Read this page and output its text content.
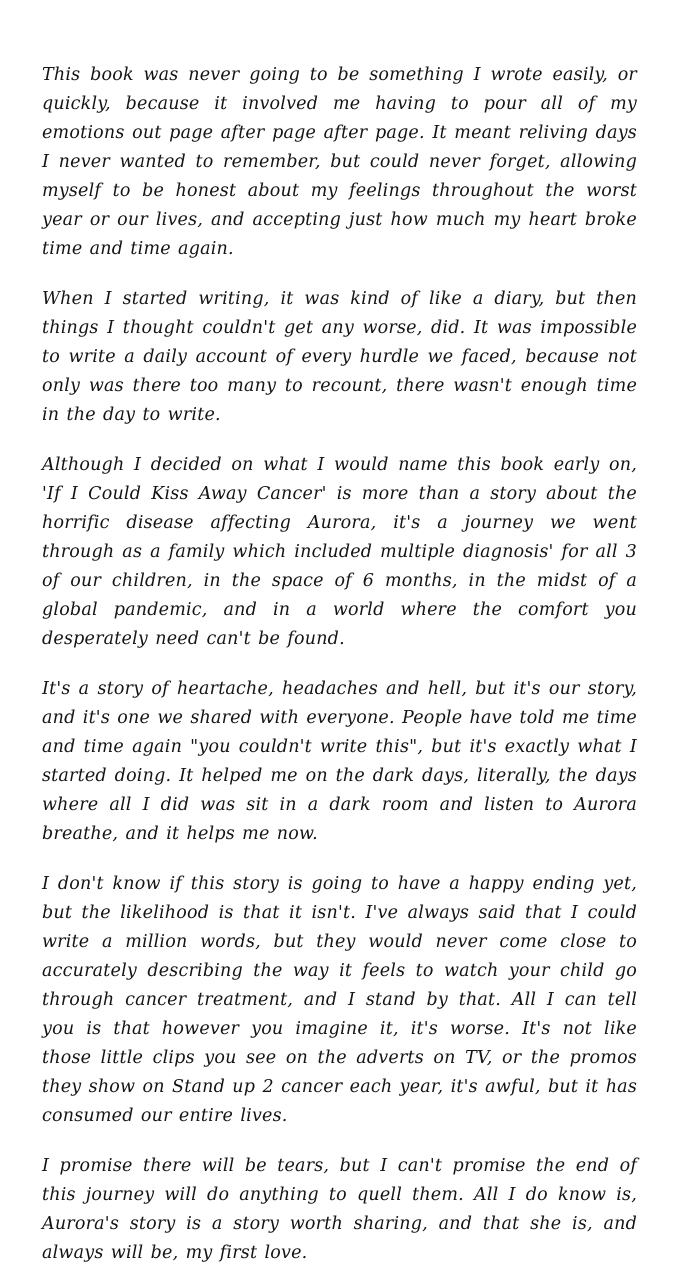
This book was never going to be something I wrote easily, or quickly, because it involved me having to pour all of my emotions out page after page after page. It meant reliving days I never wanted to remember, but could never forget, allowing myself to be honest about my feelings throughout the worst year or our lives, and accepting just how much my heart broke time and time again.

When I started writing, it was kind of like a diary, but then things I thought couldn't get any worse, did. It was impossible to write a daily account of every hurdle we faced, because not only was there too many to recount, there wasn't enough time in the day to write.

Although I decided on what I would name this book early on, 'If I Could Kiss Away Cancer' is more than a story about the horrific disease affecting Aurora, it's a journey we went through as a family which included multiple diagnosis' for all 3 of our children, in the space of 6 months, in the midst of a global pandemic, and in a world where the comfort you desperately need can't be found.

It's a story of heartache, headaches and hell, but it's our story, and it's one we shared with everyone. People have told me time and time again "you couldn't write this", but it's exactly what I started doing. It helped me on the dark days, literally, the days where all I did was sit in a dark room and listen to Aurora breathe, and it helps me now.

I don't know if this story is going to have a happy ending yet, but the likelihood is that it isn't. I've always said that I could write a million words, but they would never come close to accurately describing the way it feels to watch your child go through cancer treatment, and I stand by that. All I can tell you is that however you imagine it, it's worse. It's not like those little clips you see on the adverts on TV, or the promos they show on Stand up 2 cancer each year, it's awful, but it has consumed our entire lives.

I promise there will be tears, but I can't promise the end of this journey will do anything to quell them. All I do know is, Aurora's story is a story worth sharing, and that she is, and always will be, my first love.
